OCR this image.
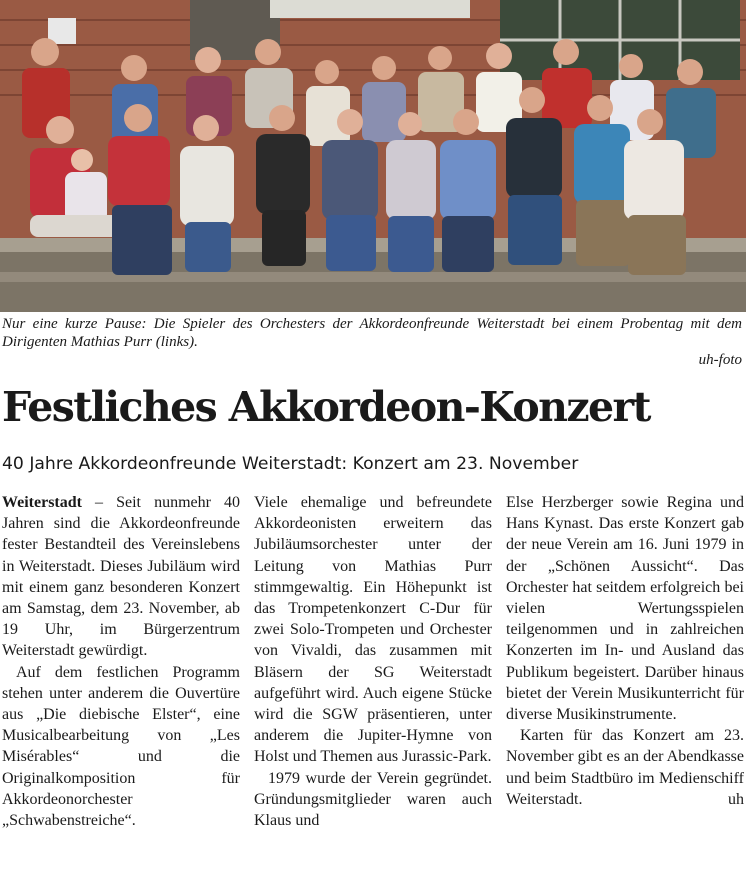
Nur eine kurze Pause: Die Spieler des Orchesters der Akkordeonfreunde Weiterstadt bei einem Probentag mit dem Dirigenten Mathias Purr (links).
uh-foto
Festliches Akkordeon-Konzert
40 Jahre Akkordeonfreunde Weiterstadt: Konzert am 23. November

Weiterstadt – Seit nunmehr 40 Jahren sind die Akkordeonfreunde fester Bestandteil des Vereinslebens in Weiterstadt. Dieses Jubiläum wird mit einem ganz besonderen Konzert am Samstag, dem 23. November, ab 19 Uhr, im Bürgerzentrum Weiterstadt gewürdigt.

Auf dem festlichen Programm stehen unter anderem die Ouvertüre aus „Die diebische Elster“, eine Musicalbearbeitung von „Les Misérables“ und die Originalkomposition für Akkordeonorchester „Schwabenstreiche“.

Viele ehemalige und befreundete Akkordeonisten erweitern das Jubiläumsorchester unter der Leitung von Mathias Purr stimmgewaltig. Ein Höhepunkt ist das Trompetenkonzert C-Dur für zwei Solo-Trompeten und Orchester von Vivaldi, das zusammen mit Bläsern der SG Weiterstadt aufgeführt wird. Auch eigene Stücke wird die SGW präsentieren, unter anderem die Jupiter-Hymne von Holst und Themen aus Jurassic-Park.

1979 wurde der Verein gegründet. Gründungsmitglieder waren auch Klaus und

Else Herzberger sowie Regina und Hans Kynast. Das erste Konzert gab der neue Verein am 16. Juni 1979 in der „Schönen Aussicht“. Das Orchester hat seitdem erfolgreich bei vielen Wertungsspielen teilgenommen und in zahlreichen Konzerten im In- und Ausland das Publikum begeistert. Darüber hinaus bietet der Verein Musikunterricht für diverse Musikinstrumente.

Karten für das Konzert am 23. November gibt es an der Abendkasse und beim Stadtbüro im Medienschiff Weiterstadt.	uh
